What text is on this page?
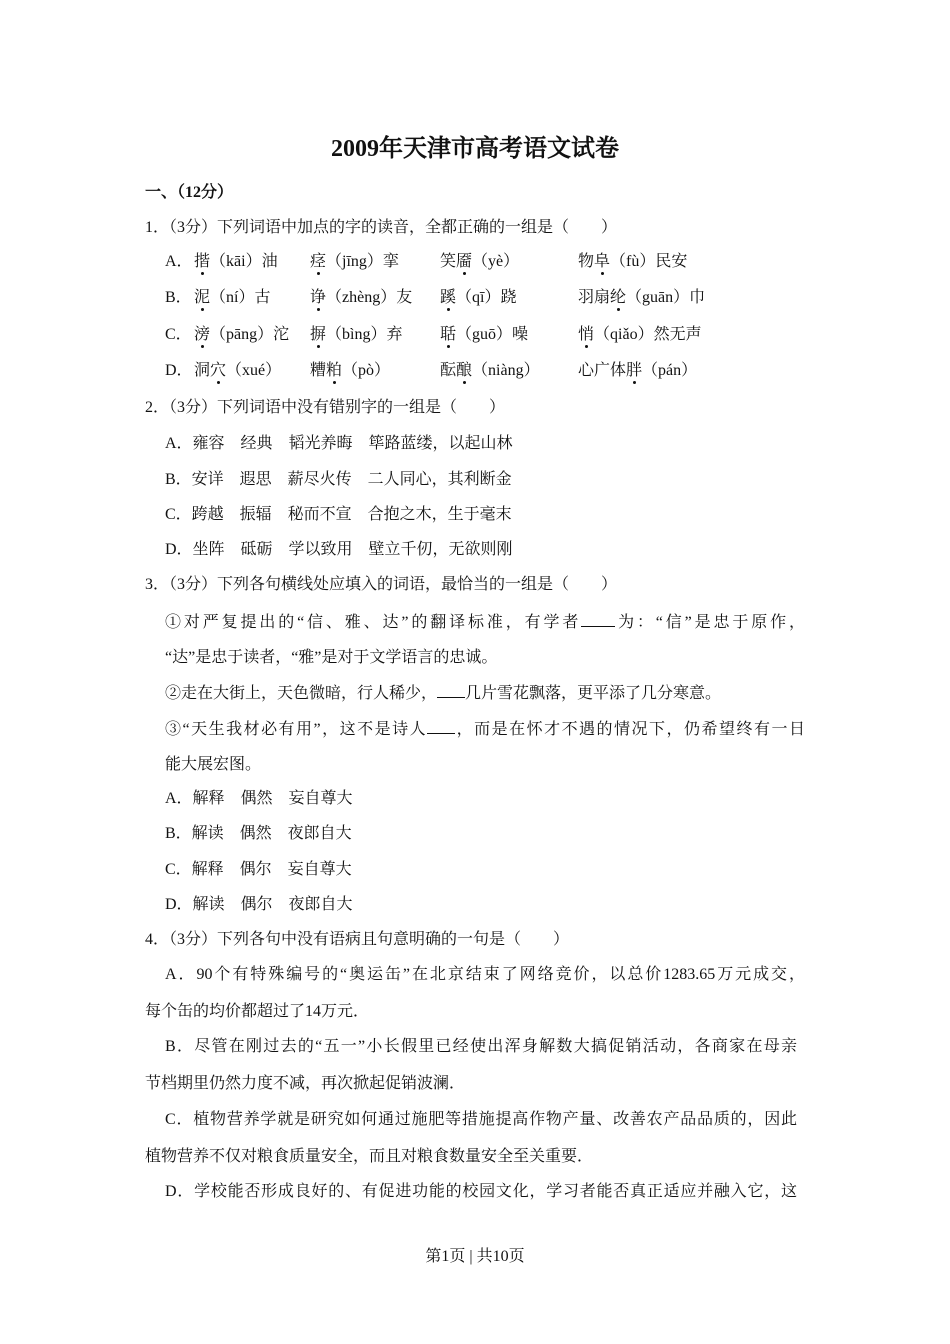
2009年天津市高考语文试卷
一、（12分）
1．（3分）下列词语中加点的字的读音，全都正确的一组是（　　）
A． 揩（kāi）油 痉（jīng）挛	笑靥（yè）	物阜（fù）民安
B． 泥（ní）古 诤（zhèng）友 蹊（qī）跷	羽扇纶（guān）巾
C． 滂（pāng）沱 摒（bìng）弃 聒（guō）噪	悄（qiǎo）然无声
D． 洞穴（xué） 糟粕（pò）	酝酿（niàng） 心广体胖（pán）
2．（3分）下列词语中没有错别字的一组是（　　）
A．雍容　经典　韬光养晦　筚路蓝缕，以起山林
B．安详　遐思　薪尽火传　二人同心，其利断金
C．跨越　振辐　秘而不宣　合抱之木，生于毫末
D．坐阵　砥砺　学以致用　壁立千仞，无欲则刚
3．（3分）下列各句横线处应填入的词语，最恰当的一组是（　　）
①对严复提出的“信、雅、达”的翻译标准，有学者 为：“信”是忠于原作，
“达”是忠于读者，“雅”是对于文学语言的忠诚。
②走在大街上，天色微暗，行人稀少， 几片雪花飘落，更平添了几分寒意。
③“天生我材必有用”，这不是诗人 ，而是在怀才不遇的情况下，仍希望终有一日
能大展宏图。
A．解释　偶然　妄自尊大
B．解读　偶然　夜郎自大
C．解释　偶尔　妄自尊大
D．解读　偶尔　夜郎自大
4．（3分）下列各句中没有语病且句意明确的一句是（　　）
A．90个有特殊编号的“奥运缶”在北京结束了网络竞价，以总价1283.65万元成交，
每个缶的均价都超过了14万元．
B．尽管在刚过去的“五一”小长假里已经使出浑身解数大搞促销活动，各商家在母亲
节档期里仍然力度不减，再次掀起促销波澜．
C．植物营养学就是研究如何通过施肥等措施提高作物产量、改善农产品品质的，因此
植物营养不仅对粮食质量安全，而且对粮食数量安全至关重要．
D．学校能否形成良好的、有促进功能的校园文化，学习者能否真正适应并融入它，这
第1页 | 共10页
